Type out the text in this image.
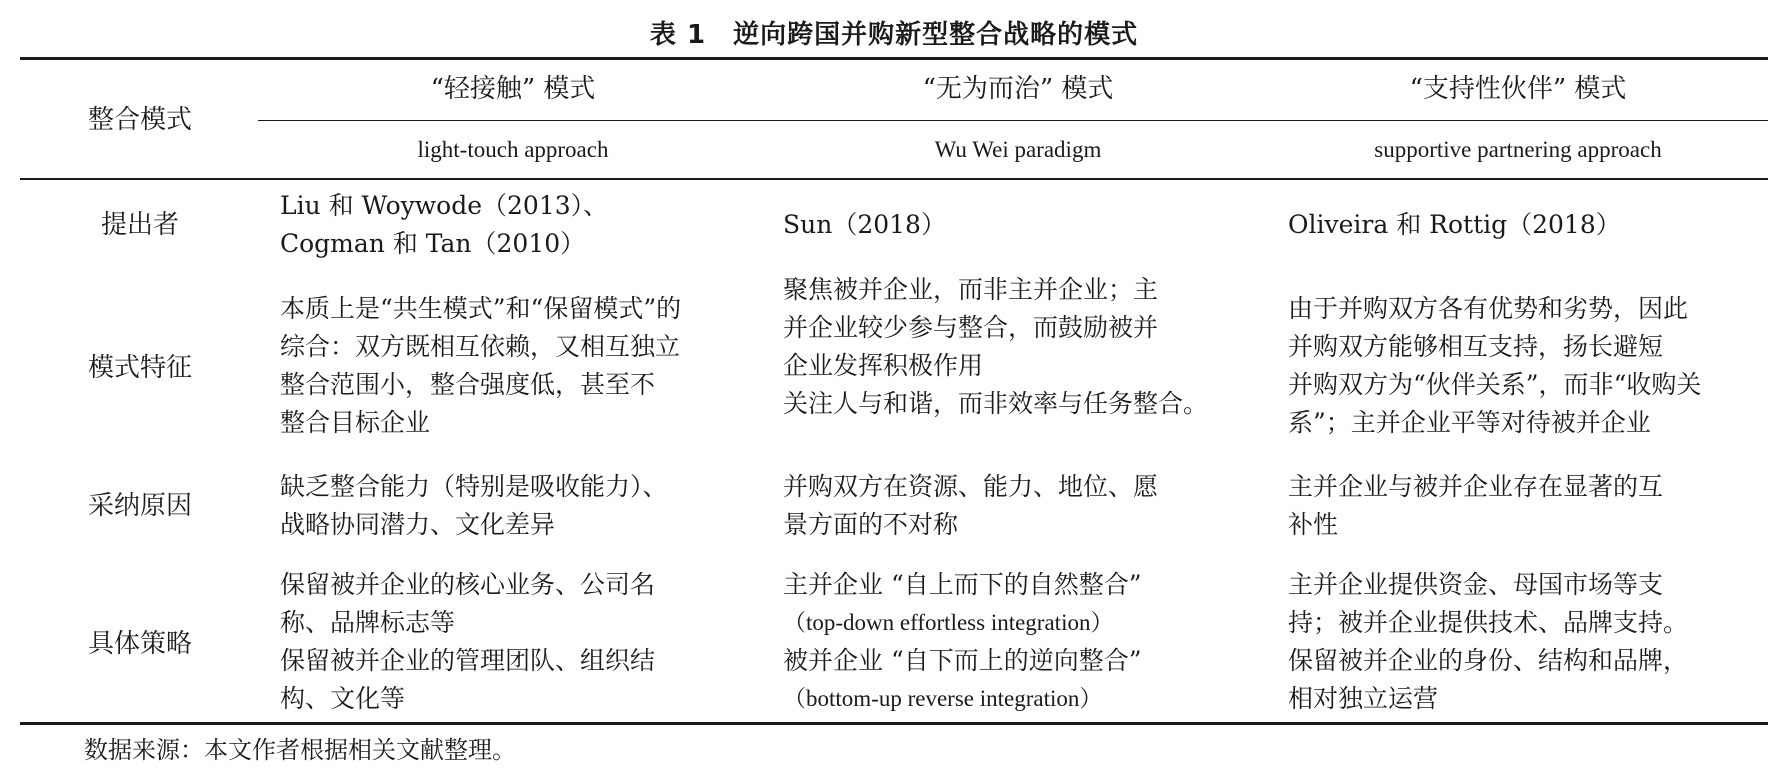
表 1　逆向跨国并购新型整合战略的模式
整合模式
“轻接触” 模式
light-touch approach
“无为而治” 模式
Wu Wei paradigm
“支持性伙伴” 模式
supportive partnering approach
提出者
Liu 和 Woywode（2013）、
Cogman 和 Tan（2010）
Sun（2018）	Oliveira 和 Rottig（2018）
模式特征
本质上是“共生模式”和“保留模式”的
综合：双方既相互依赖，又相互独立
整合范围小，整合强度低，甚至不
整合目标企业
聚焦被并企业，而非主并企业；主
并企业较少参与整合，而鼓励被并
企业发挥积极作用
关注人与和谐，而非效率与任务整合。
由于并购双方各有优势和劣势，因此
并购双方能够相互支持，扬长避短
并购双方为“伙伴关系”，而非“收购关
系”；主并企业平等对待被并企业
采纳原因
缺乏整合能力（特别是吸收能力）、
战略协同潜力、文化差异
并购双方在资源、能力、地位、愿
景方面的不对称
主并企业与被并企业存在显著的互
补性
具体策略
保留被并企业的核心业务、公司名
称、品牌标志等
保留被并企业的管理团队、组织结
构、文化等
主并企业 “自上而下的自然整合”
（top-down effortless integration）
被并企业 “自下而上的逆向整合”
（bottom-up reverse integration）
主并企业提供资金、母国市场等支
持；被并企业提供技术、品牌支持。
保留被并企业的身份、结构和品牌，
相对独立运营
数据来源：本文作者根据相关文献整理。
